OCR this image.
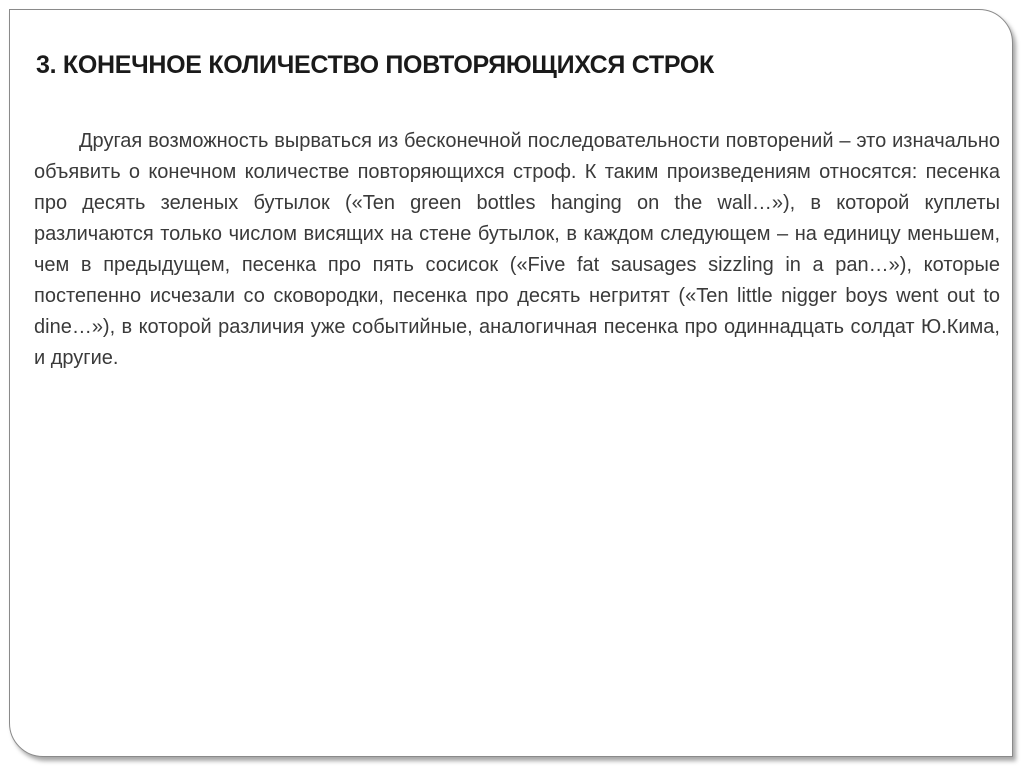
3. КОНЕЧНОЕ КОЛИЧЕСТВО ПОВТОРЯЮЩИХСЯ СТРОК

Другая возможность вырваться из бесконечной последовательности повторений – это изначально объявить о конечном количестве повторяющихся строф. К таким произведениям относятся: песенка про десять зеленых бутылок («Ten green bottles hanging on the wall…»), в которой куплеты различаются только числом висящих на стене бутылок, в каждом следующем – на единицу меньшем, чем в предыдущем, песенка про пять сосисок («Five fat sausages sizzling in a pan…»), которые постепенно исчезали со сковородки, песенка про десять негритят («Ten little nigger boys went out to dine…»), в которой различия уже событийные, аналогичная песенка про одиннадцать солдат Ю.Кима, и другие.
